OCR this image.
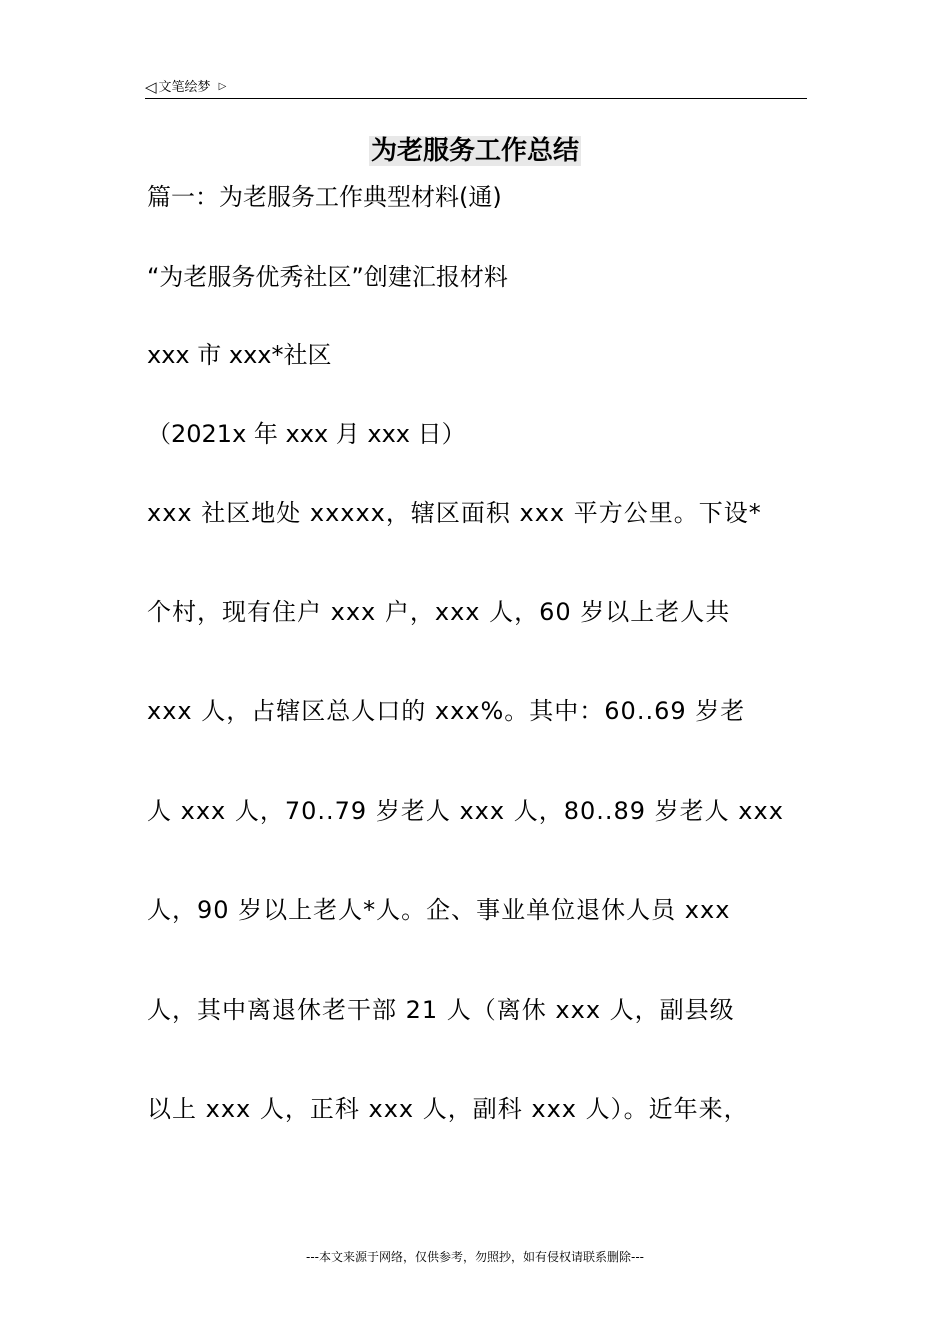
◁ 文笔绘梦 ▷
为老服务工作总结
篇一：为老服务工作典型材料(通)
“为老服务优秀社区”创建汇报材料
xxx 市 xxx*社区
（2021x 年 xxx 月 xxx 日）
xxx 社区地处 xxxxx，辖区面积 xxx 平方公里。下设*
个村，现有住户 xxx 户，xxx 人，60 岁以上老人共
xxx 人，占辖区总人口的 xxx%。其中：60..69 岁老
人 xxx 人，70..79 岁老人 xxx 人，80..89 岁老人 xxx
人，90 岁以上老人*人。企、事业单位退休人员 xxx
人，其中离退休老干部 21 人（离休 xxx 人，副县级
以上 xxx 人，正科 xxx 人，副科 xxx 人）。近年来，
---本文来源于网络，仅供参考，勿照抄，如有侵权请联系删除---
